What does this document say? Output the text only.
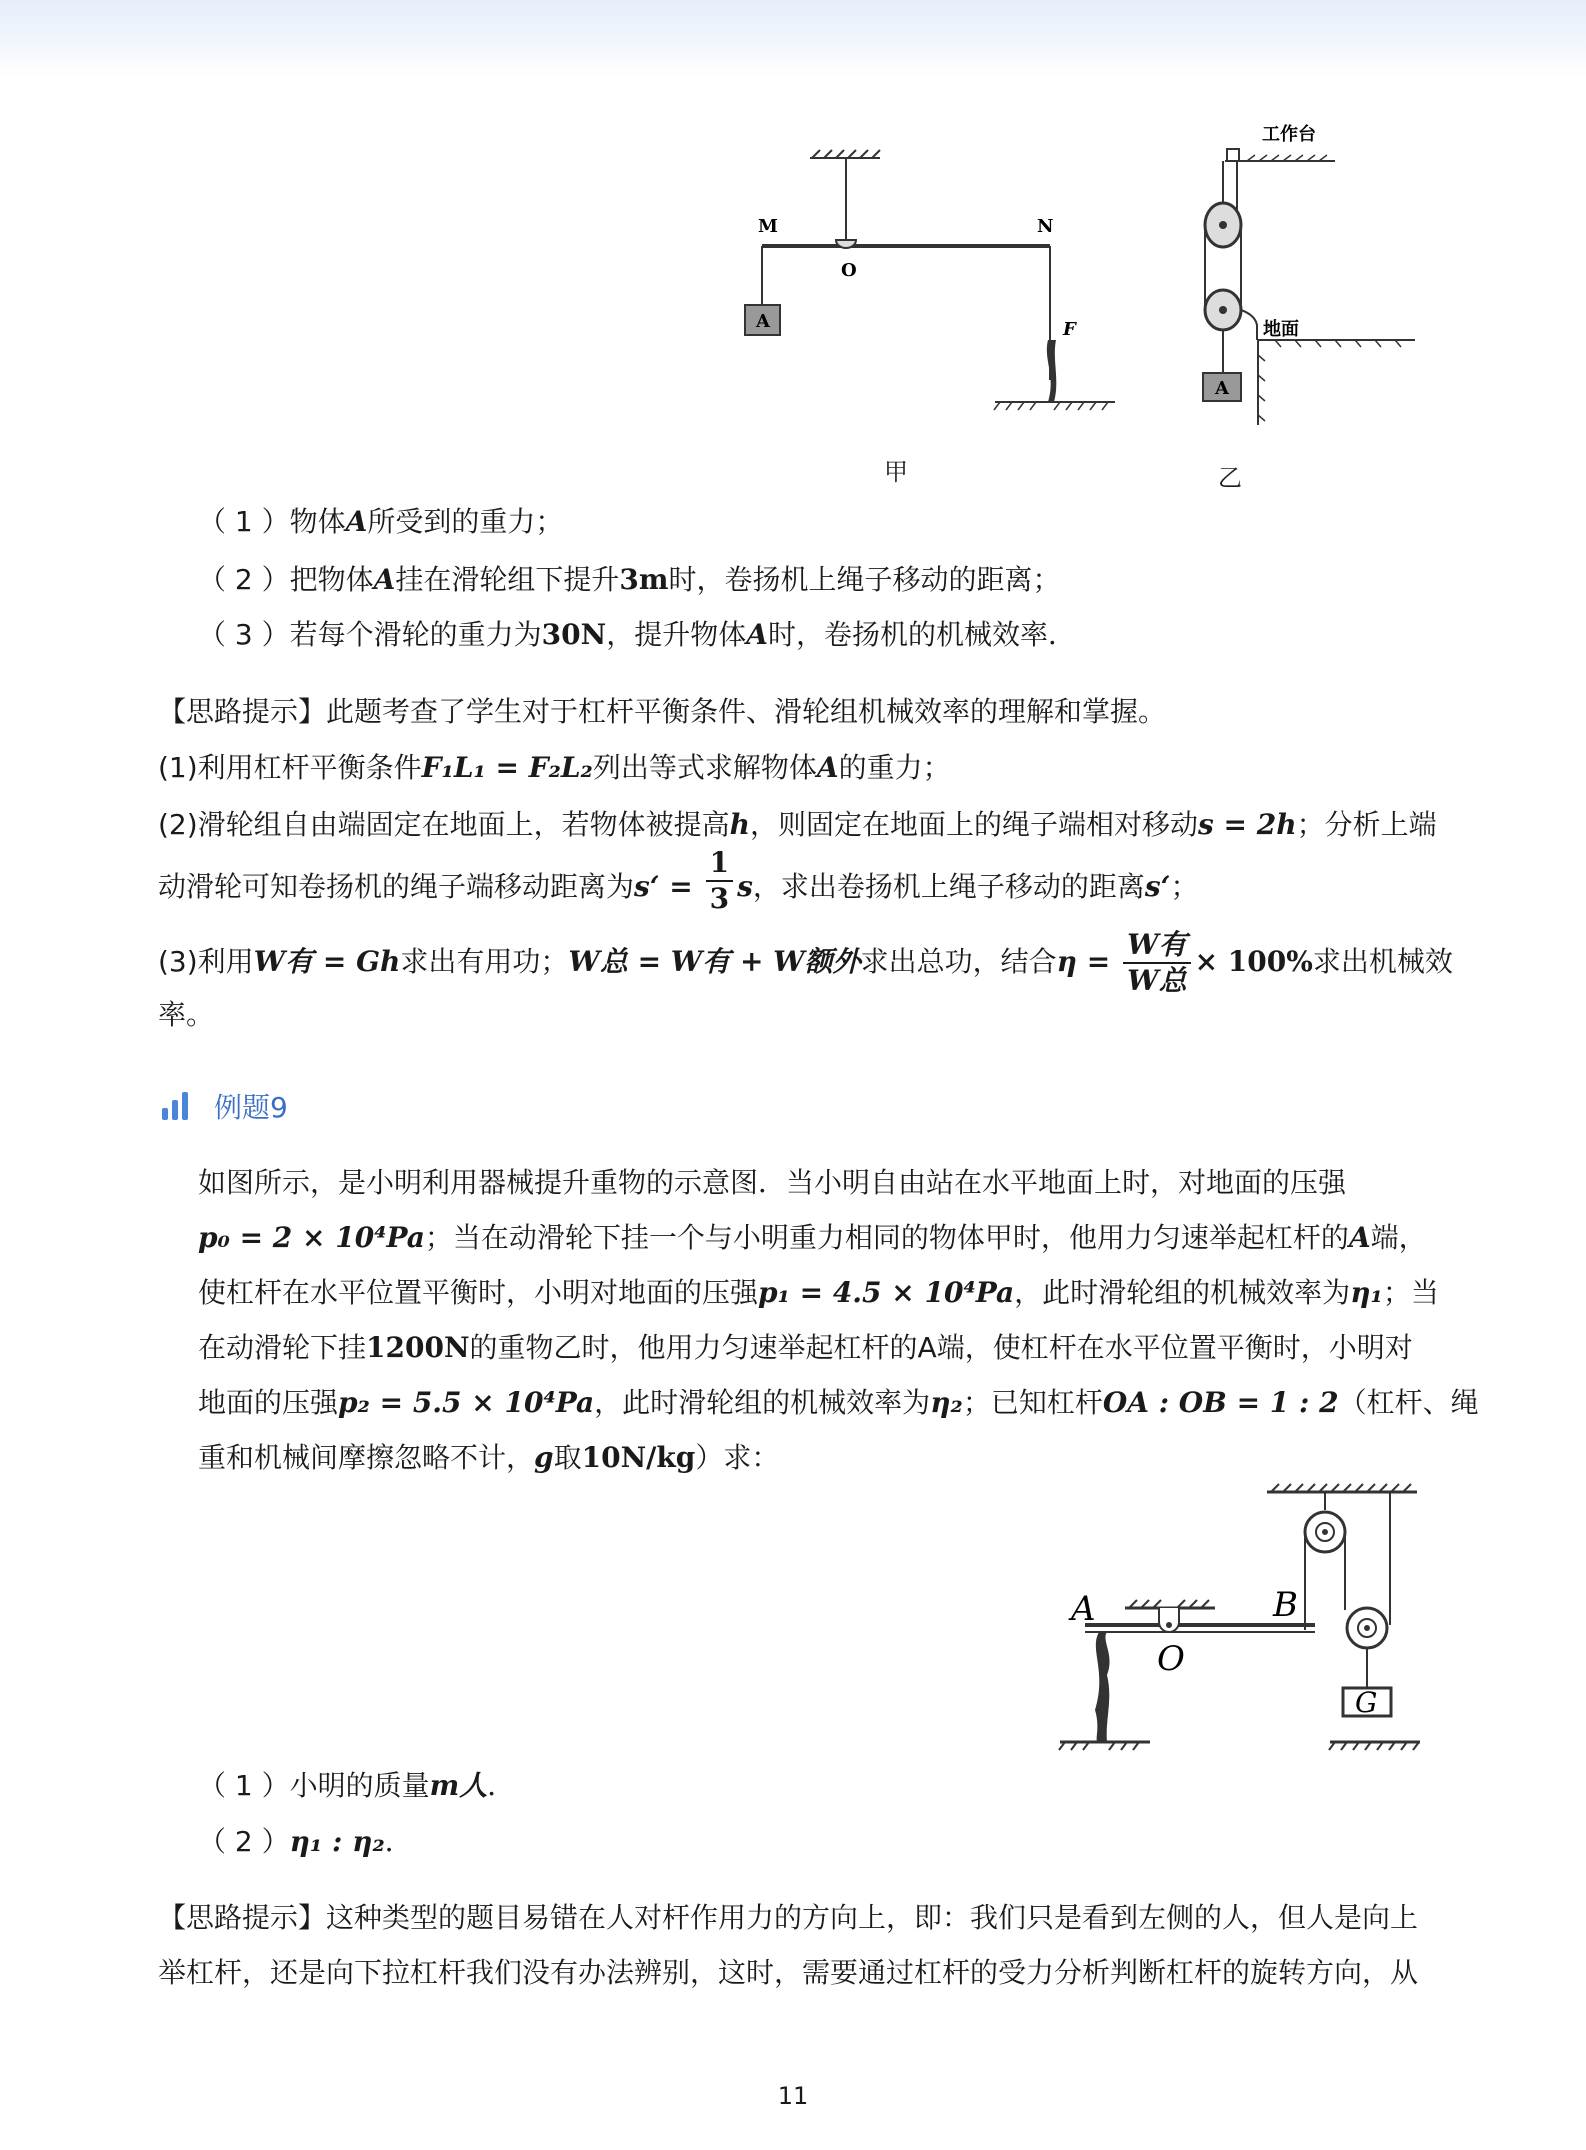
M	N
O
A	F
甲
工作台
地面
A
乙
（ 1 ）物体A所受到的重力；
（ 2 ）把物体A挂在滑轮组下提升3m时，卷扬机上绳子移动的距离；
（ 3 ）若每个滑轮的重力为30N，提升物体A时，卷扬机的机械效率．
【思路提示】此题考查了学生对于杠杆平衡条件、滑轮组机械效率的理解和掌握。
(1)利用杠杆平衡条件F₁L₁ = F₂L₂列出等式求解物体A的重力；
(2)滑轮组自由端固定在地面上，若物体被提高h，则固定在地面上的绳子端相对移动s = 2h；分析上端
动滑轮可知卷扬机的绳子端移动距离为s‘ = $\frac{1}{3}$ s，求出卷扬机上绳子移动的距离s‘；
(3)利用W有 = Gh求出有用功；W总 = W有 + W额外求出总功，结合$\eta = \frac{\text{W有}}{\text{W总}} \times 100\%$求出机械效
率。
例题9
如图所示，是小明利用器械提升重物的示意图．当小明自由站在水平地面上时，对地面的压强
p₀ = 2 × 10⁴Pa；当在动滑轮下挂一个与小明重力相同的物体甲时，他用力匀速举起杠杆的A端，
使杠杆在水平位置平衡时，小明对地面的压强p₁ = 4.5 × 10⁴Pa，此时滑轮组的机械效率为η₁；当
在动滑轮下挂1200N的重物乙时，他用力匀速举起杠杆的A端，使杠杆在水平位置平衡时，小明对
地面的压强p₂ = 5.5 × 10⁴Pa，此时滑轮组的机械效率为η₂；已知杠杆OA : OB = 1 : 2（杠杆、绳
重和机械间摩擦忽略不计，g取10N/kg）求：
A	B
O
G
（ 1 ）小明的质量m人．
（ 2 ）η₁ : η₂．
【思路提示】这种类型的题目易错在人对杆作用力的方向上，即：我们只是看到左侧的人，但人是向上
举杠杆，还是向下拉杠杆我们没有办法辨别，这时，需要通过杠杆的受力分析判断杠杆的旋转方向，从
11
